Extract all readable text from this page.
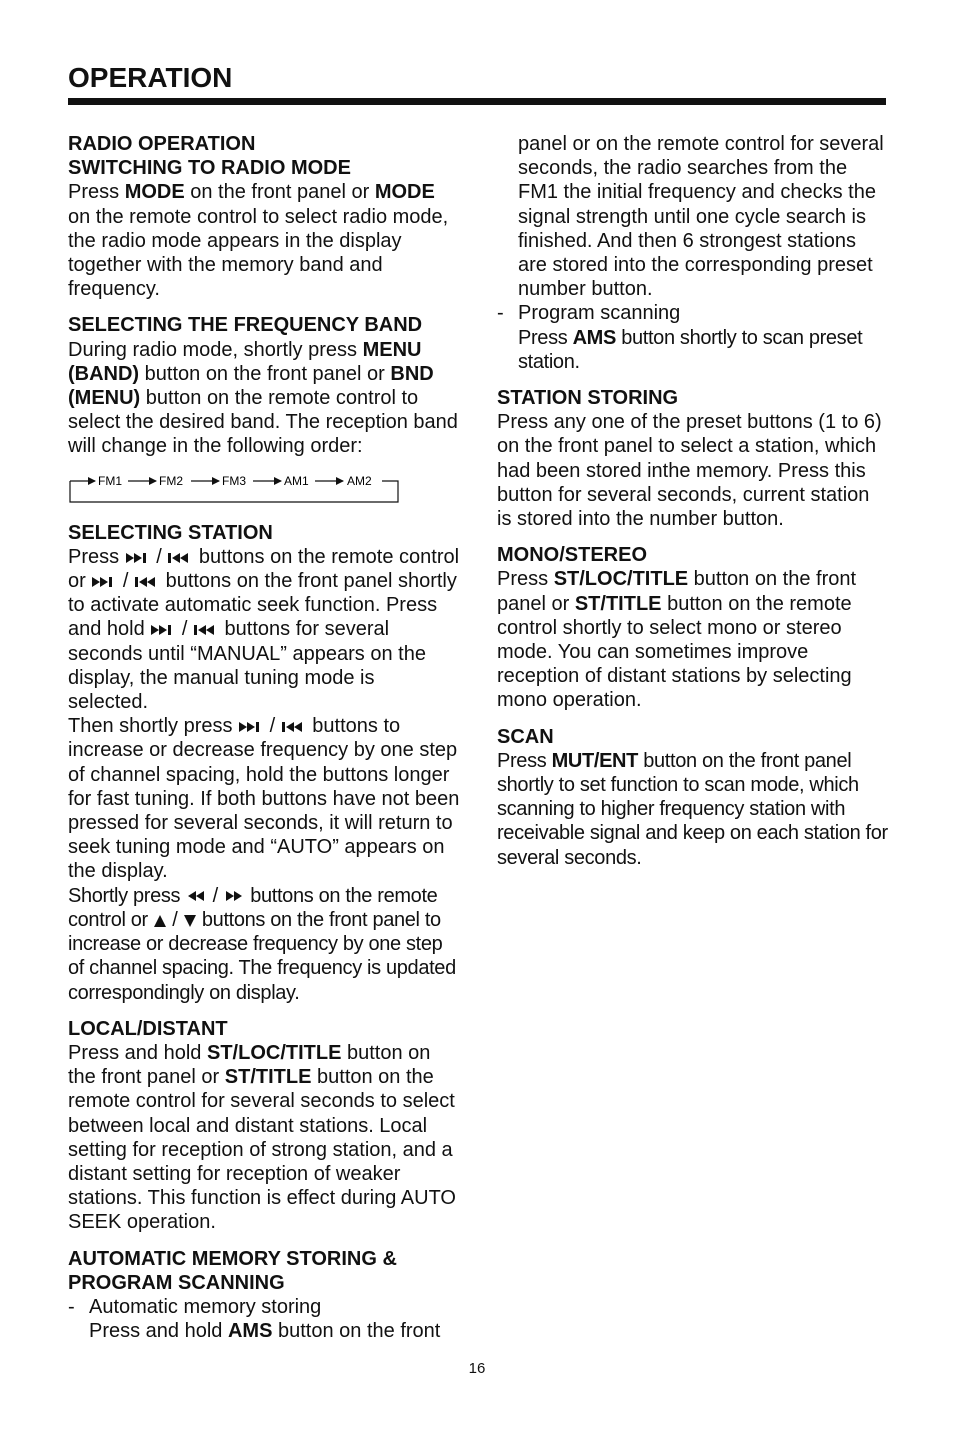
OPERATION
RADIO OPERATION
SWITCHING TO RADIO MODE

Press MODE on the front panel or MODE on the remote control to select radio mode, the radio mode appears in the display together with the memory band and frequency.

SELECTING THE FREQUENCY BAND

During radio mode, shortly press MENU (BAND) button on the front panel or BND (MENU) button on the remote control to select the desired band. The reception band will change in the following order:

FM1	FM2	FM3	AM1	AM2
SELECTING STATION

Press  /  buttons on the remote control or  /  buttons on the front panel shortly to activate automatic seek function. Press and hold  /  buttons for several seconds until “MANUAL” appears on the display, the manual tuning mode is selected.

Then shortly press  /  buttons to increase or decrease frequency by one step of channel spacing, hold the buttons longer for fast tuning. If both buttons have not been pressed for several seconds, it will return to seek tuning mode and “AUTO” appears on the display.

Shortly press  /  buttons on the remote control or  /  buttons on the front panel to increase or decrease frequency by one step of channel spacing. The frequency is updated correspondingly on display.

LOCAL/DISTANT

Press and hold ST/LOC/TITLE button on the front panel or ST/TITLE button on the remote control for several seconds to select between local and distant stations. Local setting for reception of strong station, and a distant setting for reception of weaker stations. This function is effect during AUTO SEEK operation.

AUTOMATIC MEMORY STORING &
PROGRAM SCANNING
- Automatic memory storing

Press and hold AMS button on the front

panel or on the remote control for several seconds, the radio searches from the FM1 the initial frequency and checks the signal strength until one cycle search is finished. And then 6 strongest stations are stored into the corresponding preset number button.

- Program scanning

Press AMS button shortly to scan preset station.

STATION STORING

Press any one of the preset buttons (1 to 6) on the front panel to select a station, which had been stored inthe memory. Press this button for several seconds, current station is stored into the number button.

MONO/STEREO

Press ST/LOC/TITLE button on the front panel or ST/TITLE button on the remote control shortly to select mono or stereo mode. You can sometimes improve reception of distant stations by selecting mono operation.

SCAN

Press MUT/ENT button on the front panel shortly to set function to scan mode, which scanning to higher frequency station with receivable signal and keep on each station for several seconds.

16
